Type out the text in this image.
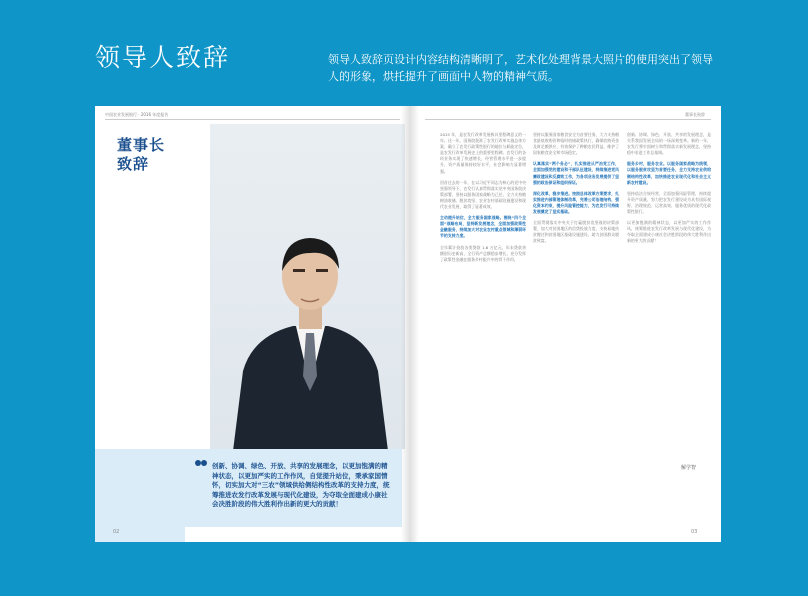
领导人致辞	领导人致辞页设计内容结构清晰明了，艺术化处理背景大照片的使用突出了领导人的形象，烘托提升了画面中人物的精神气质。
中国农业发展银行 · 2016 年度报告	董事长致辞
董事长
致辞
创新、协调、绿色、开放、共享的发展理念，以更加饱满的精神状态，以更加严实的工作作风，自觉提升站位，秉承家国情怀，切实加大对“三农”领域供给侧结构性改革的支持力度，统筹推进农发行改革发展与现代化建设，为夺取全面建成小康社会决胜阶段的伟大胜利作出新的更大的贡献！

2015 年，是农发行改革发展极具里程碑意义的一年。这一年，国务院批准了农发行改革实施总体方案，确立了农发行政策性银行的地位与职能定位，是农发行改革发展史上的重要里程碑。农发行的各项业务实现了快速增长，经营管理水平进一步提升，资产质量保持较好水平，社会影响力显著增强。

回首过去的一年，在以习近平同志为核心的党中央坚强领导下，农发行认真贯彻落实党中央国务院决策部署，坚持以服务国家战略为己任，全力支持粮棉油收储、脱贫攻坚、农业农村基础设施建设和现代农业发展，取得了显著成效。

主动提升站位，全力服务国家战略。围绕“四个全面”战略布局，坚持新发展理念，全面加强政策性金融服务，持续加大对农业农村重点领域和薄弱环节的支持力度。

全年累计投放各类贷款 1.6 万亿元，年末贷款余额创历史新高，全行资产总额稳步增长，充分发挥了政策性金融在服务乡村振兴中的骨干作用。

坚持以服务国家粮食安全为首要任务，大力支持粮食最低收购价和临时收储政策执行，确保收购资金及时足额供应，有效保护了种粮农民利益，维护了国家粮食安全和市场稳定。

认真落实“两个务必”，扎实推进从严治党工作，全面加强党的建设和干部队伍建设，持续推进党风廉政建设和反腐败工作，为各项业务发展提供了坚强的政治保证和组织保证。

深化改革，稳步推进。按照总体改革方案要求，扎实推进内部管理体制改革，完善公司治理结构，强化资本约束，提升风险管控能力，为农发行可持续发展奠定了坚实基础。

全面贯彻落实中央关于打赢脱贫攻坚战的决策部署，加大对贫困地区的信贷投放力度，支持易地扶贫搬迁和贫困地区基础设施建设，助力贫困群众脱贫致富。

创新、协调、绿色、开放、共享的发展理念，是关系我国发展全局的一场深刻变革。新的一年，农发行将牢固树立和贯彻落实新发展理念，坚持稳中求进工作总基调。

服务乡村，服务农业。以服务国家战略为统领，以服务脱贫攻坚为首要任务，全力支持农业供给侧结构性改革，加快推进农业现代化和社会主义新农村建设。

坚持依法合规经营，全面加强风险管理，持续提升资产质量，努力把农发行建设成为具有国际视野、治理规范、运营高效、服务优质的现代化政策性银行。

以更加饱满的精神状态，以更加严实的工作作风，统筹推进农发行改革发展与现代化建设，为夺取全面建成小康社会决胜阶段的伟大胜利作出新的更大的贡献！

解学智
02	03
